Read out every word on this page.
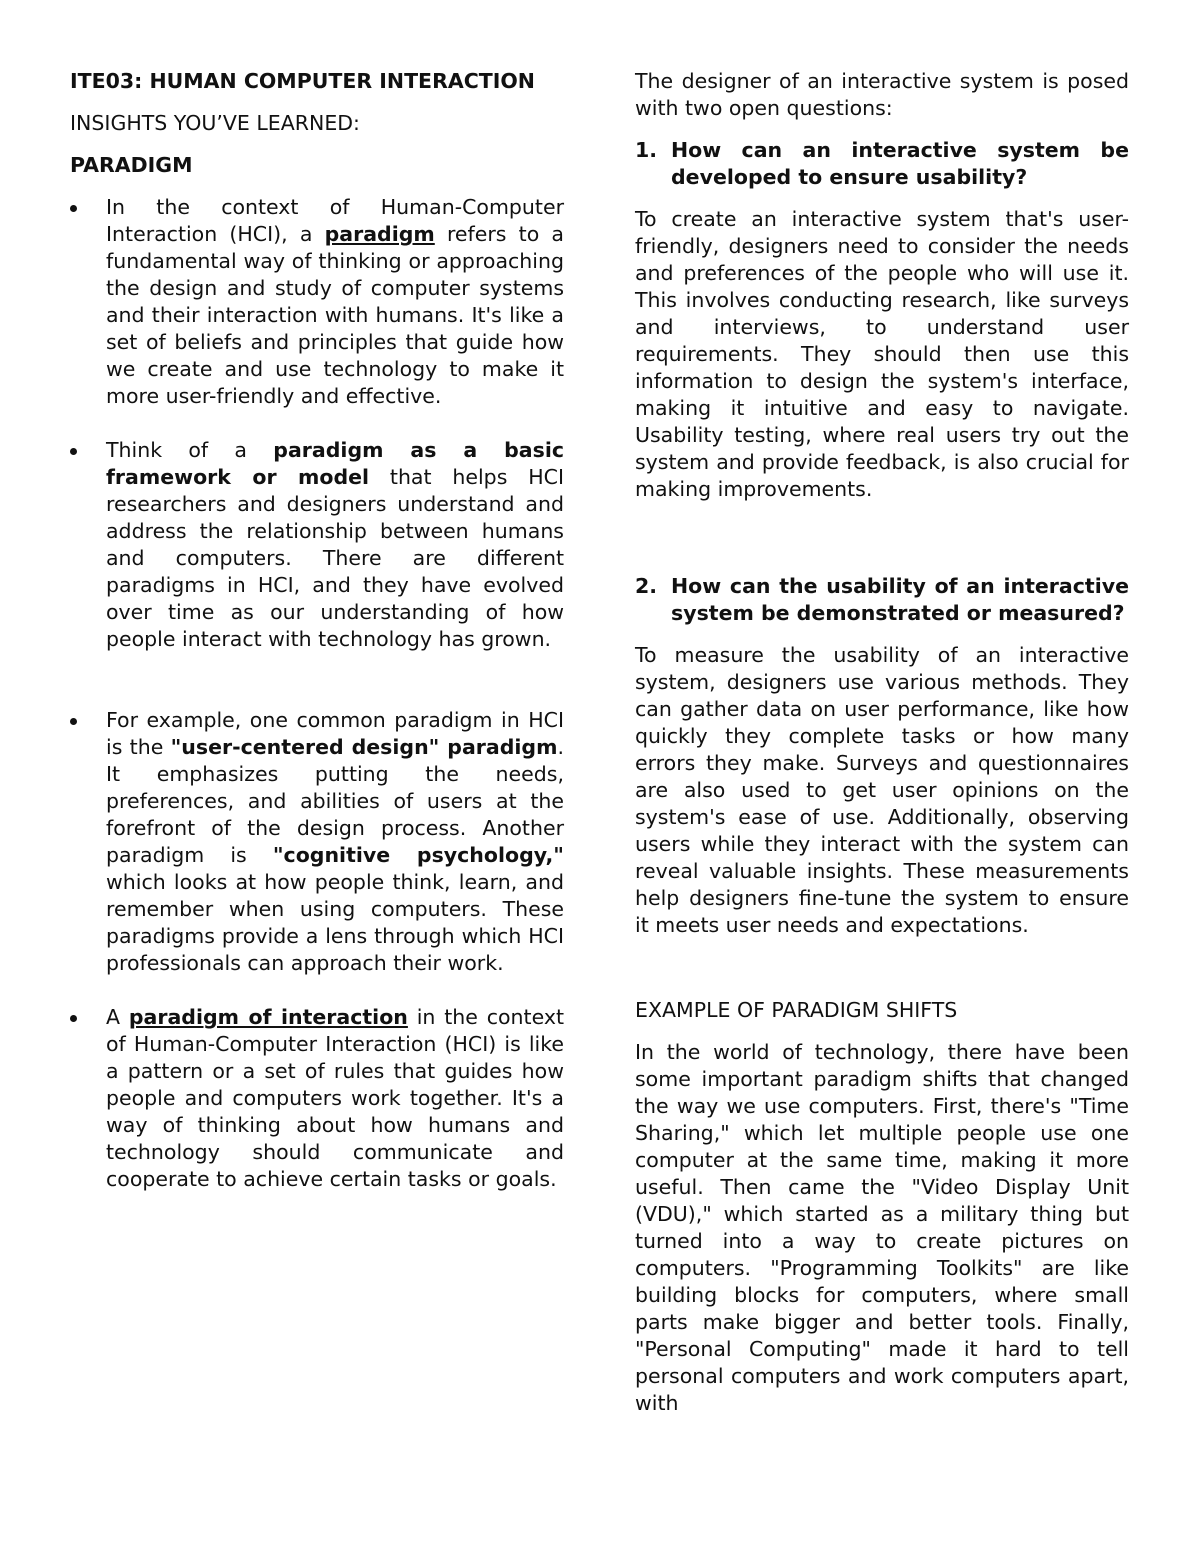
ITE03: HUMAN COMPUTER INTERACTION
INSIGHTS YOU’VE LEARNED:
PARADIGM
In the context of Human-Computer Interaction (HCI), a paradigm refers to a fundamental way of thinking or approaching the design and study of computer systems and their interaction with humans. It's like a set of beliefs and principles that guide how we create and use technology to make it more user-friendly and effective.
Think of a paradigm as a basic framework or model that helps HCI researchers and designers understand and address the relationship between humans and computers. There are different paradigms in HCI, and they have evolved over time as our understanding of how people interact with technology has grown.
For example, one common paradigm in HCI is the "user-centered design" paradigm. It emphasizes putting the needs, preferences, and abilities of users at the forefront of the design process. Another paradigm is "cognitive psychology," which looks at how people think, learn, and remember when using computers. These paradigms provide a lens through which HCI professionals can approach their work.
A paradigm of interaction in the context of Human-Computer Interaction (HCI) is like a pattern or a set of rules that guides how people and computers work together. It's a way of thinking about how humans and technology should communicate and cooperate to achieve certain tasks or goals.

The designer of an interactive system is posed with two open questions:

1. How can an interactive system be developed to ensure usability?

To create an interactive system that's user-friendly, designers need to consider the needs and preferences of the people who will use it. This involves conducting research, like surveys and interviews, to understand user requirements. They should then use this information to design the system's interface, making it intuitive and easy to navigate. Usability testing, where real users try out the system and provide feedback, is also crucial for making improvements.

2. How can the usability of an interactive system be demonstrated or measured?

To measure the usability of an interactive system, designers use various methods. They can gather data on user performance, like how quickly they complete tasks or how many errors they make. Surveys and questionnaires are also used to get user opinions on the system's ease of use. Additionally, observing users while they interact with the system can reveal valuable insights. These measurements help designers fine-tune the system to ensure it meets user needs and expectations.

EXAMPLE OF PARADIGM SHIFTS

In the world of technology, there have been some important paradigm shifts that changed the way we use computers. First, there's "Time Sharing," which let multiple people use one computer at the same time, making it more useful. Then came the "Video Display Unit (VDU)," which started as a military thing but turned into a way to create pictures on computers. "Programming Toolkits" are like building blocks for computers, where small parts make bigger and better tools. Finally, "Personal Computing" made it hard to tell personal computers and work computers apart, with
